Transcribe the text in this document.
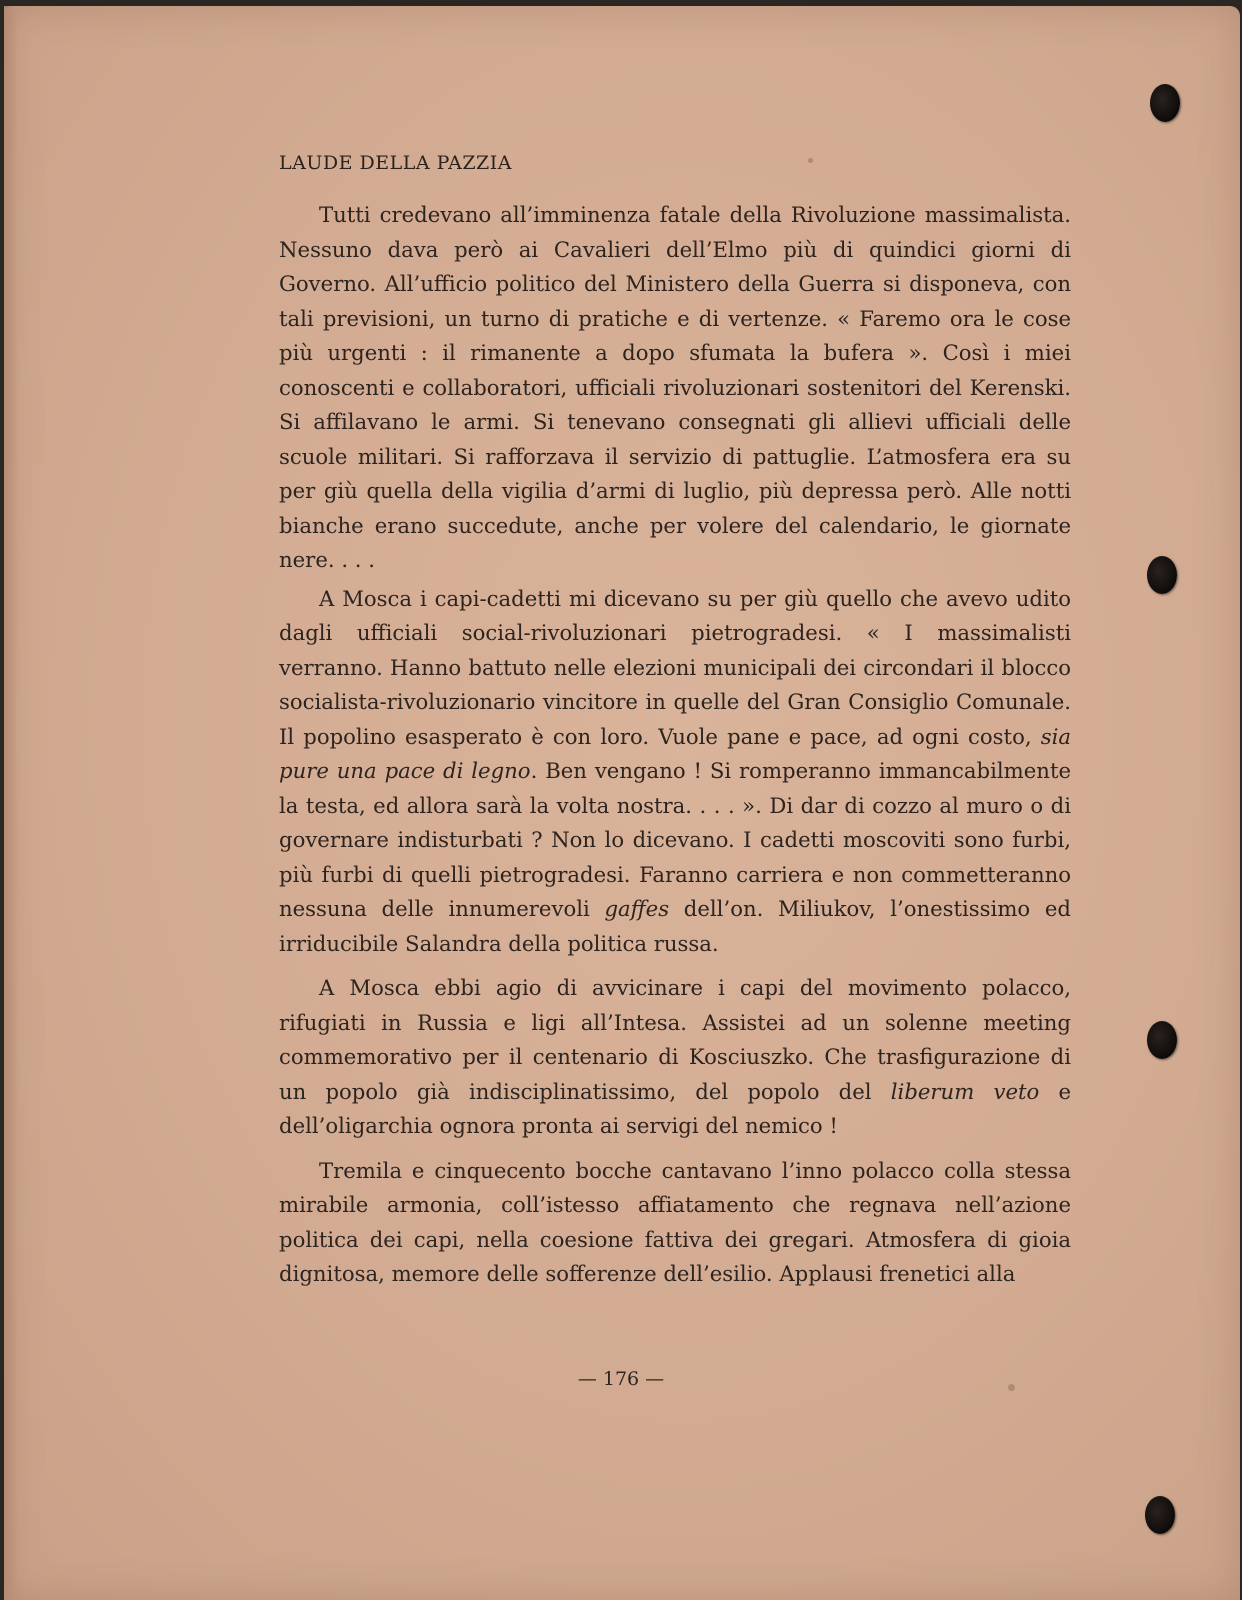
LAUDE DELLA PAZZIA

Tutti credevano all’imminenza fatale della Rivoluzione massimalista. Nessuno dava però ai Cavalieri dell’Elmo più di quindici giorni di Governo. All’ufficio politico del Ministero della Guerra si disponeva, con tali previsioni, un turno di pratiche e di vertenze. « Faremo ora le cose più urgenti : il rimanente a dopo sfumata la bufera ». Così i miei conoscenti e collaboratori, ufficiali rivoluzionari sostenitori del Kerenski. Si affilavano le armi. Si tenevano consegnati gli allievi ufficiali delle scuole militari. Si rafforzava il servizio di pattuglie. L’atmosfera era su per giù quella della vigilia d’armi di luglio, più depressa però. Alle notti bianche erano succedute, anche per volere del calendario, le giornate nere. . . .

A Mosca i capi-cadetti mi dicevano su per giù quello che avevo udito dagli ufficiali social-rivoluzionari pietrogradesi. « I massimalisti verranno. Hanno battuto nelle elezioni municipali dei circondari il blocco socialista-rivoluzionario vincitore in quelle del Gran Consiglio Comunale. Il popolino esasperato è con loro. Vuole pane e pace, ad ogni costo, sia pure una pace di legno. Ben vengano ! Si romperanno immancabilmente la testa, ed allora sarà la volta nostra. . . . ». Di dar di cozzo al muro o di governare indisturbati ? Non lo dicevano. I cadetti moscoviti sono furbi, più furbi di quelli pietrogradesi. Faranno carriera e non commetteranno nessuna delle innumerevoli gaffes dell’on. Miliukov, l’onestissimo ed irriducibile Salandra della politica russa.

A Mosca ebbi agio di avvicinare i capi del movimento polacco, rifugiati in Russia e ligi all’Intesa. Assistei ad un solenne meeting commemorativo per il centenario di Kosciuszko. Che trasfigurazione di un popolo già indisciplinatissimo, del popolo del liberum veto e dell’oligarchia ognora pronta ai servigi del nemico !

Tremila e cinquecento bocche cantavano l’inno polacco colla stessa mirabile armonia, coll’istesso affiatamento che regnava nell’azione politica dei capi, nella coesione fattiva dei gregari. Atmosfera di gioia dignitosa, memore delle sofferenze dell’esilio. Applausi frenetici alla

— 176 —
